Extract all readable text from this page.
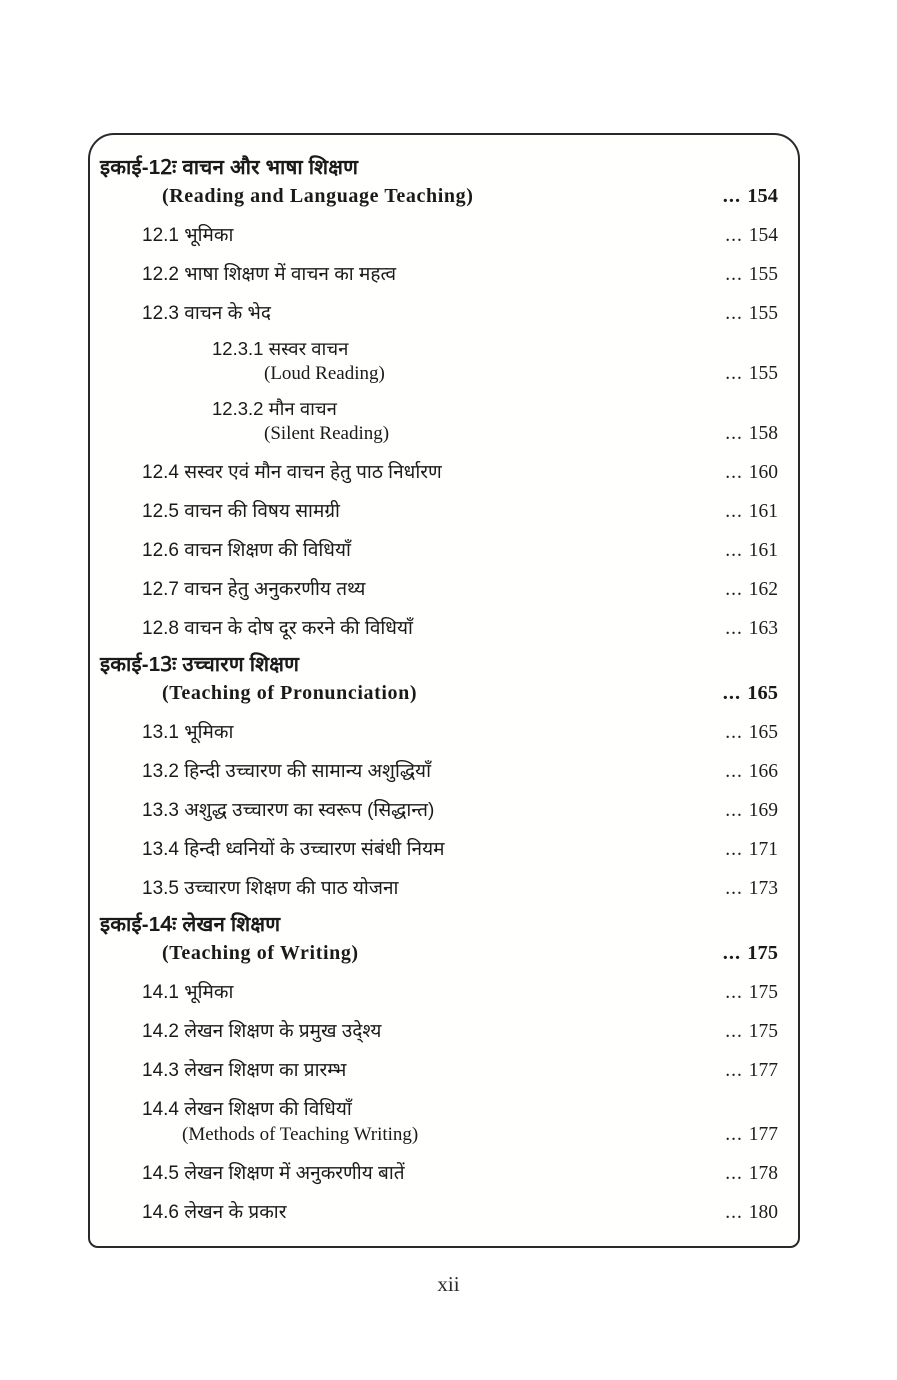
इकाई-12ः वाचन और भाषा शिक्षण
(Reading and Language Teaching)	... 154
12.1 भूमिका	... 154
12.2 भाषा शिक्षण में वाचन का महत्व	... 155
12.3 वाचन के भेद	... 155
12.3.1 सस्वर वाचन
(Loud Reading)	... 155
12.3.2 मौन वाचन
(Silent Reading)	... 158
12.4 सस्वर एवं मौन वाचन हेतु पाठ निर्धारण	... 160
12.5 वाचन की विषय सामग्री	... 161
12.6 वाचन शिक्षण की विधियाँ	... 161
12.7 वाचन हेतु अनुकरणीय तथ्य	... 162
12.8 वाचन के दोष दूर करने की विधियाँ	... 163
इकाई-13ः उच्चारण शिक्षण
(Teaching of Pronunciation)	... 165
13.1 भूमिका	... 165
13.2 हिन्दी उच्चारण की सामान्य अशुद्धियाँ	... 166
13.3 अशुद्ध उच्चारण का स्वरूप (सिद्धान्त)	... 169
13.4 हिन्दी ध्वनियों के उच्चारण संबंधी नियम	... 171
13.5 उच्चारण शिक्षण की पाठ योजना	... 173
इकाई-14ः लेखन शिक्षण
(Teaching of Writing)	... 175
14.1 भूमिका	... 175
14.2 लेखन शिक्षण के प्रमुख उदे्श्य	... 175
14.3 लेखन शिक्षण का प्रारम्भ	... 177
14.4 लेखन शिक्षण की विधियाँ
(Methods of Teaching Writing)	... 177
14.5 लेखन शिक्षण में अनुकरणीय बातें	... 178
14.6 लेखन के प्रकार	... 180
xii
